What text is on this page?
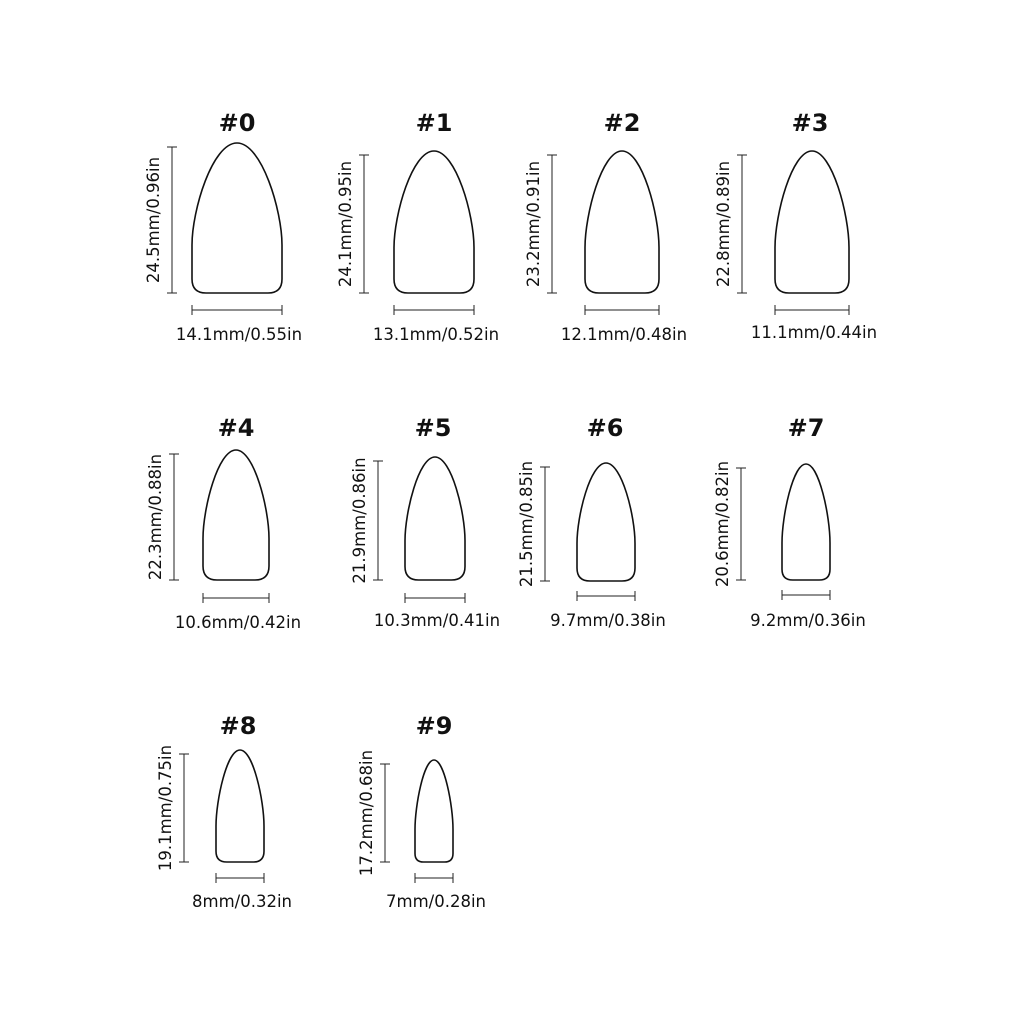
#0
24.5mm/0.96in
14.1mm/0.55in
#1
24.1mm/0.95in
13.1mm/0.52in
#2
23.2mm/0.91in
12.1mm/0.48in
#3
22.8mm/0.89in
11.1mm/0.44in
#4
22.3mm/0.88in
10.6mm/0.42in
#5
21.9mm/0.86in
10.3mm/0.41in
#6
21.5mm/0.85in
9.7mm/0.38in
#7
20.6mm/0.82in
9.2mm/0.36in
#8
19.1mm/0.75in
8mm/0.32in
#9
17.2mm/0.68in
7mm/0.28in
